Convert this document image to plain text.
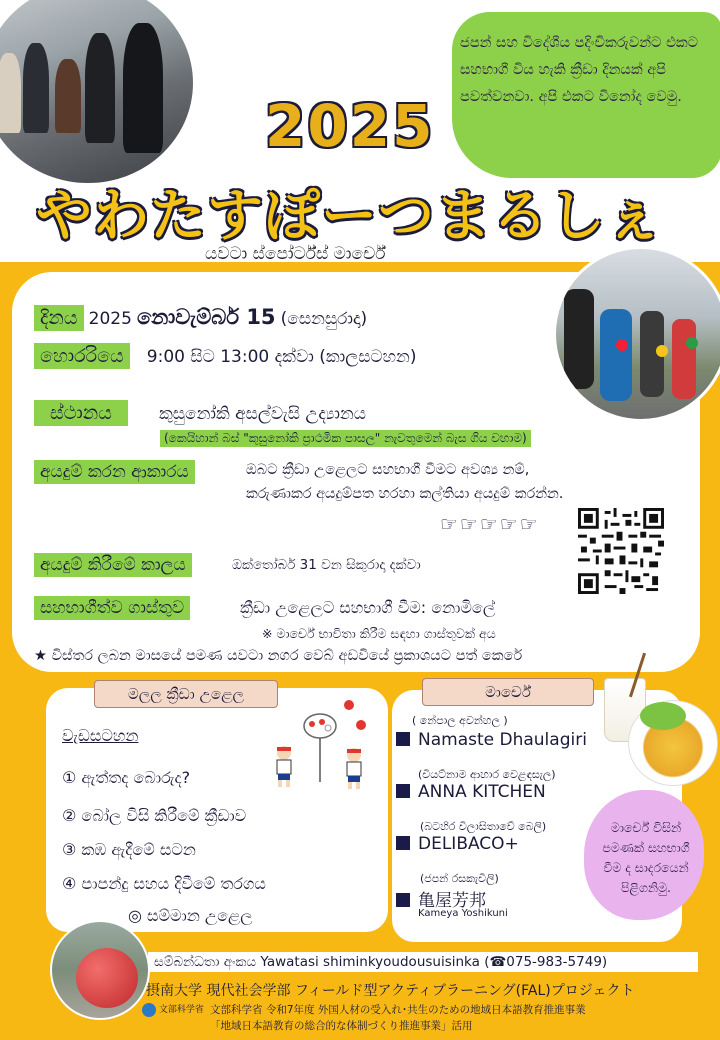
ජපන් සහ විදේශීය පදිංචිකරුවන්ට එකට සහභාගී විය හැකි ක්‍රීඩා දිනයක් අපි පවත්වනවා. අපි එකට විනෝද වෙමු.
2025
やわたすぽーつまるしぇ
යවටා ස්පෝර්ට්ස් මාර්චේ
දිනය 2025 නොවැම්බර් 15 (සෙනසුරාදා)
හොරරියෙ 9:00 සිට 13:00 දක්වා (කාලසටහන)
ස්ථානය	කුසුනෝකි අසල්වැසි උද්‍යානය
(කෙයිහාන් බස් "කුසුනෝකි ප්‍රාථමික පාසල" නැවතුමෙන් බැස ගිය වහාම)
අයදුම් කරන ආකාරය	ඔබට ක්‍රීඩා උළෙලට සහභාගී වීමට අවශ්‍ය නම්,
කරුණාකර අයදුම්පත හරහා කල්තියා අයදුම් කරන්න.
☞☞☞☞☞
අයදුම් කිරීමේ කාලය	ඔක්තෝබර් 31 වන සිකුරාදා දක්වා
සහභාගීත්ව ගාස්තුව	ක්‍රීඩා උළෙලට සහභාගී වීම: නොමිලේ
※ මාර්චේ භාවිතා කිරීම සඳහා ගාස්තුවක් අය
★ විස්තර ලබන මාසයේ පමණ යවටා නගර වෙබ් අඩවියේ ප්‍රකාශයට පත් කෙරේ
මලල ක්‍රීඩා උළෙල
වැඩසටහන
① ඇත්තද බොරුද?
② බෝල විසි කිරීමේ ක්‍රීඩාව
③ කඹ ඇදීමේ සටන
④ පාපන්දු සහය දිවීමේ තරගය
◎ සම්මාන උළෙල
මාර්චේ
( නේපාල අවන්හල )
Namaste Dhaulagiri
(වියට්නාම ආහාර වෙළඳසැල)
ANNA KITCHEN
(බටහිර විලාසිතාවේ බෙලි)
DELIBACO+
(ජපන් රසකැවිලි)
亀屋芳邦
Kameya Yoshikuni
මාර්චේ විසින් පමණක් සහභාගී වීම ද සාදරයෙන් පිළිගනිමු.
සම්බන්ධතා අංකය Yawatasi shiminkyoudousuisinka (☎075-983-5749)
摂南大学 現代社会学部 フィールド型アクティブラーニング(FAL)プロジェクト
文部科学省 文部科学省 令和7年度 外国人材の受入れ･共生のための地域日本語教育推進事業
「地域日本語教育の総合的な体制づくり推進事業」活用
